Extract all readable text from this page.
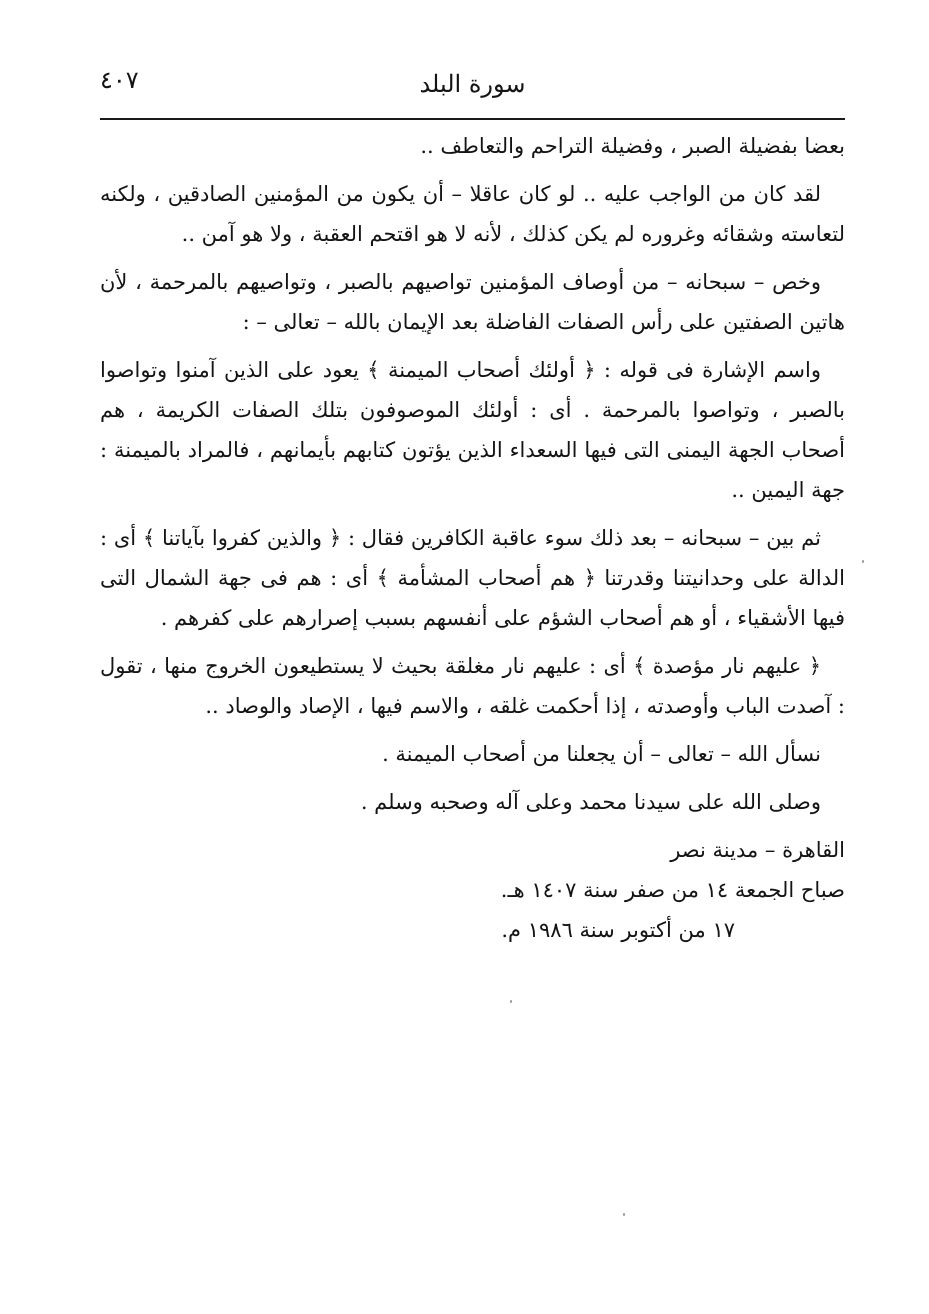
٤٠٧	سورة البلد

بعضا بفضيلة الصبر ، وفضيلة التراحم والتعاطف ..

لقد كان من الواجب عليه .. لو كان عاقلا – أن يكون من المؤمنين الصادقين ، ولكنه لتعاسته وشقائه وغروره لم يكن كذلك ، لأنه لا هو اقتحم العقبة ، ولا هو آمن ..

وخص – سبحانه – من أوصاف المؤمنين تواصيهم بالصبر ، وتواصيهم بالمرحمة ، لأن هاتين الصفتين على رأس الصفات الفاضلة بعد الإيمان بالله – تعالى – :

واسم الإشارة فى قوله : ﴿ أولئك أصحاب الميمنة ﴾ يعود على الذين آمنوا وتواصوا بالصبر ، وتواصوا بالمرحمة . أى : أولئك الموصوفون بتلك الصفات الكريمة ، هم أصحاب الجهة اليمنى التى فيها السعداء الذين يؤتون كتابهم بأيمانهم ، فالمراد بالميمنة : جهة اليمين ..

ثم بين – سبحانه – بعد ذلك سوء عاقبة الكافرين فقال : ﴿ والذين كفروا بآياتنا ﴾ أى : الدالة على وحدانيتنا وقدرتنا ﴿ هم أصحاب المشأمة ﴾ أى : هم فى جهة الشمال التى فيها الأشقياء ، أو هم أصحاب الشؤم على أنفسهم بسبب إصرارهم على كفرهم .

﴿ عليهم نار مؤصدة ﴾ أى : عليهم نار مغلقة بحيث لا يستطيعون الخروج منها ، تقول : آصدت الباب وأوصدته ، إذا أحكمت غلقه ، والاسم فيها ، الإصاد والوصاد ..

نسأل الله – تعالى – أن يجعلنا من أصحاب الميمنة .

وصلى الله على سيدنا محمد وعلى آله وصحبه وسلم .

القاهرة – مدينة نصر

صباح الجمعة ١٤ من صفر سنة ١٤٠٧ هـ.

١٧ من أكتوبر سنة ١٩٨٦ م.
